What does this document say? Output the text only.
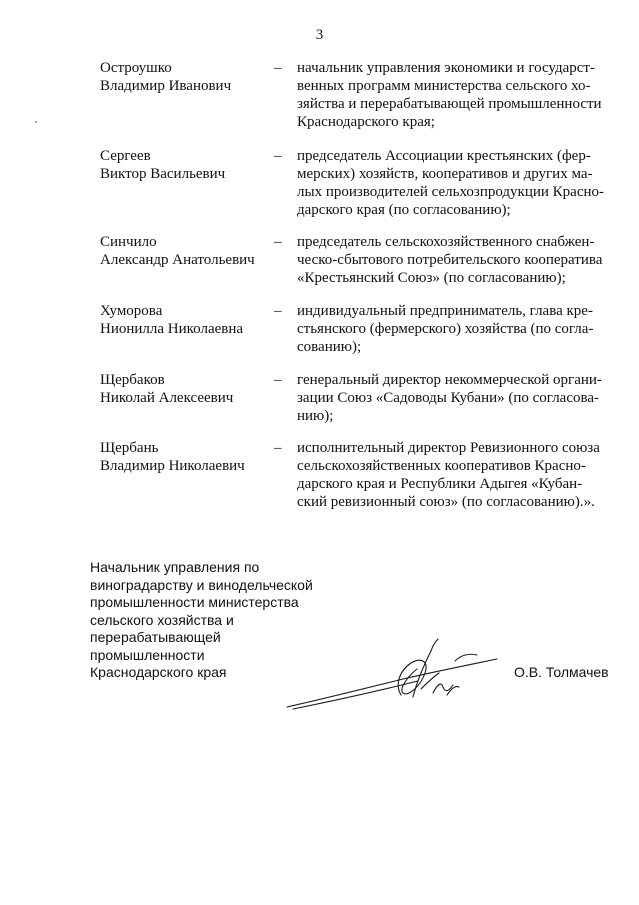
3
Остроушко
Владимир Иванович
– начальник управления экономики и государст-
венных программ министерства сельского хо-
зяйства и перерабатывающей промышленности
Краснодарского края;
Сергеев
Виктор Васильевич
– председатель Ассоциации крестьянских (фер-
мерских) хозяйств, кооперативов и других ма-
лых производителей сельхозпродукции Красно-
дарского края (по согласованию);
Синчило
Александр Анатольевич
– председатель сельскохозяйственного снабжен-
ческо-сбытового потребительского кооператива
«Крестьянский Союз» (по согласованию);
Хуморова
Нионилла Николаевна
– индивидуальный предприниматель, глава кре-
стьянского (фермерского) хозяйства (по согла-
сованию);
Щербаков
Николай Алексеевич
– генеральный директор некоммерческой органи-
зации Союз «Садоводы Кубани» (по согласова-
нию);
Щербань
Владимир Николаевич
– исполнительный директор Ревизионного союза
сельскохозяйственных кооперативов Красно-
дарского края и Республики Адыгея «Кубан-
ский ревизионный союз» (по согласованию).».
Начальник управления по
виноградарству и винодельческой
промышленности министерства
сельского хозяйства и
перерабатывающей
промышленности
Краснодарского края	О.В. Толмачев
